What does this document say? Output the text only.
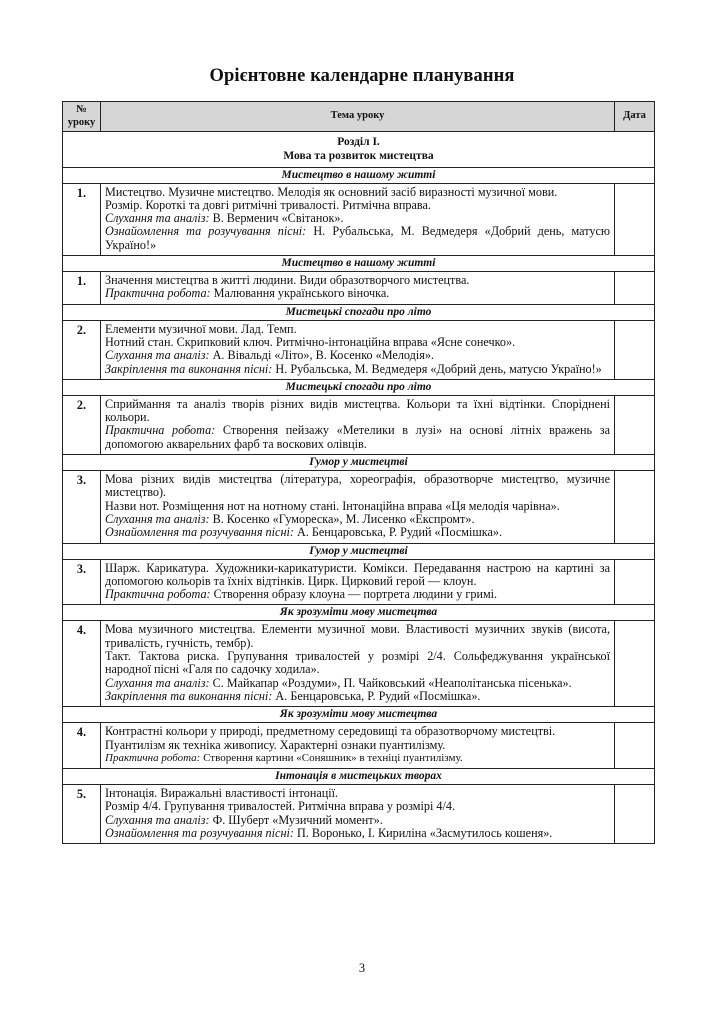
Орієнтовне календарне планування
№ уроку	Тема уроку	Дата

Розділ І.
Мова та розвиток мистецтва		

Мистецтво в нашому житті		
1.	Мистецтво. Музичне мистецтво. Мелодія як основний засіб виразності музичної мови.
Розмір. Короткі та довгі ритмічні тривалості. Ритмічна вправа.
Слухання та аналіз: В. Верменич «Світанок».
Ознайомлення та розучування пісні: Н. Рубальська, М. Ведмедеря «Добрий день, матусю Україно!»	

Мистецтво в нашому житті		
1.	Значення мистецтва в житті людини. Види образотворчого мистецтва.
Практична робота: Малювання українського віночка.	

Мистецькі спогади про літо		
2.	Елементи музичної мови. Лад. Темп.
Нотний стан. Скрипковий ключ. Ритмічно-інтонаційна вправа «Ясне сонечко».
Слухання та аналіз: А. Вівальді «Літо», В. Косенко «Мелодія».
Закріплення та виконання пісні: Н. Рубальська, М. Ведмедеря «Добрий день, матусю Україно!»	

Мистецькі спогади про літо		
2.	Сприймання та аналіз творів різних видів мистецтва. Кольори та їхні відтінки. Споріднені кольори.
Практична робота: Створення пейзажу «Метелики в лузі» на основі літніх вражень за допомогою акварельних фарб та воскових олівців.	

Гумор у мистецтві		
3.	Мова різних видів мистецтва (література, хореографія, образотворче мистецтво, музичне мистецтво).
Назви нот. Розміщення нот на нотному стані. Інтонаційна вправа «Ця мелодія чарівна».
Слухання та аналіз: В. Косенко «Гумореска», М. Лисенко «Експромт».
Ознайомлення та розучування пісні: А. Бенцаровська, Р. Рудий «Посмішка».	

Гумор у мистецтві		
3.	Шарж. Карикатура. Художники-карикатуристи. Комікси. Передавання настрою на картині за допомогою кольорів та їхніх відтінків. Цирк. Цирковий герой — клоун.
Практична робота: Створення образу клоуна — портрета людини у гримі.	

Як зрозуміти мову мистецтва		
4.	Мова музичного мистецтва. Елементи музичної мови. Властивості музичних звуків (висота, тривалість, гучність, тембр).
Такт. Тактова риска. Групування тривалостей у розмірі 2/4. Сольфеджування української народної пісні «Галя по садочку ходила».
Слухання та аналіз: С. Майкапар «Роздуми», П. Чайковський «Неаполітанська пісенька».
Закріплення та виконання пісні: А. Бенцаровська, Р. Рудий «Посмішка».	

Як зрозуміти мову мистецтва		
4.	Контрастні кольори у природі, предметному середовищі та образотворчому мистецтві.
Пуантилізм як техніка живопису. Характерні ознаки пуантилізму.
Практична робота: Створення картини «Соняшник» в техніці пуантилізму.	

Інтонація в мистецьких творах		
5.	Інтонація. Виражальні властивості інтонації.
Розмір 4/4. Групування тривалостей. Ритмічна вправа у розмірі 4/4.
Слухання та аналіз: Ф. Шуберт «Музичний момент».
Ознайомлення та розучування пісні: П. Воронько, І. Кириліна «Засмутилось кошеня».	

3
